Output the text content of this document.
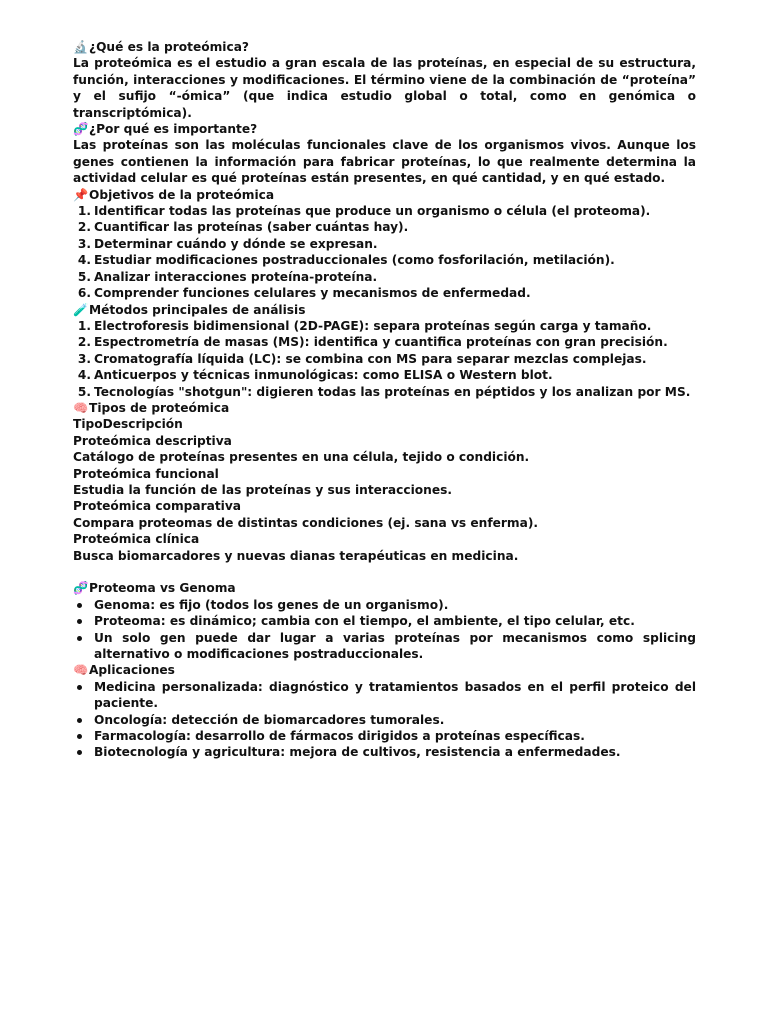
🔬¿Qué es la proteómica?
La proteómica es el estudio a gran escala de las proteínas, en especial de su estructura, función, interacciones y modificaciones. El término viene de la combinación de “proteína” y el sufijo “-ómica” (que indica estudio global o total, como en genómica o transcriptómica).
🧬¿Por qué es importante?
Las proteínas son las moléculas funcionales clave de los organismos vivos. Aunque los genes contienen la información para fabricar proteínas, lo que realmente determina la actividad celular es qué proteínas están presentes, en qué cantidad, y en qué estado.
📌Objetivos de la proteómica
1. Identificar todas las proteínas que produce un organismo o célula (el proteoma).
2. Cuantificar las proteínas (saber cuántas hay).
3. Determinar cuándo y dónde se expresan.
4. Estudiar modificaciones postraduccionales (como fosforilación, metilación).
5. Analizar interacciones proteína-proteína.
6. Comprender funciones celulares y mecanismos de enfermedad.
🧪Métodos principales de análisis
1. Electroforesis bidimensional (2D-PAGE): separa proteínas según carga y tamaño.
2. Espectrometría de masas (MS): identifica y cuantifica proteínas con gran precisión.
3. Cromatografía líquida (LC): se combina con MS para separar mezclas complejas.
4. Anticuerpos y técnicas inmunológicas: como ELISA o Western blot.
5. Tecnologías "shotgun": digieren todas las proteínas en péptidos y los analizan por MS.
🧠Tipos de proteómica
TipoDescripción
Proteómica descriptiva
Catálogo de proteínas presentes en una célula, tejido o condición.
Proteómica funcional
Estudia la función de las proteínas y sus interacciones.
Proteómica comparativa
Compara proteomas de distintas condiciones (ej. sana vs enferma).
Proteómica clínica
Busca biomarcadores y nuevas dianas terapéuticas en medicina.
🧬Proteoma vs Genoma
Genoma: es fijo (todos los genes de un organismo).
Proteoma: es dinámico; cambia con el tiempo, el ambiente, el tipo celular, etc.
Un solo gen puede dar lugar a varias proteínas por mecanismos como splicing alternativo o modificaciones postraduccionales.
🧠Aplicaciones
Medicina personalizada: diagnóstico y tratamientos basados en el perfil proteico del paciente.
Oncología: detección de biomarcadores tumorales.
Farmacología: desarrollo de fármacos dirigidos a proteínas específicas.
Biotecnología y agricultura: mejora de cultivos, resistencia a enfermedades.
